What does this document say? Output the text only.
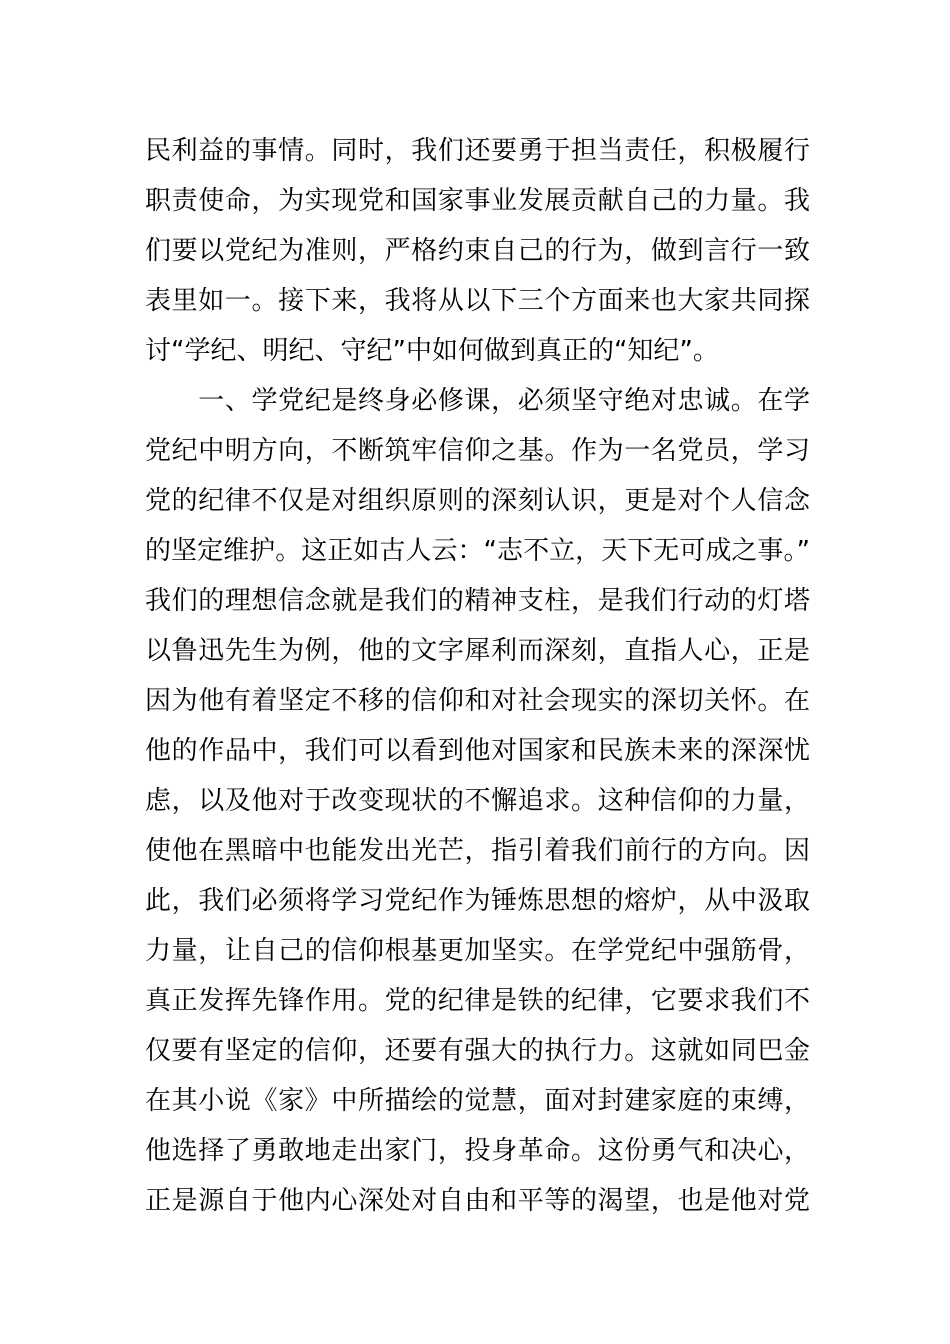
民利益的事情。同时，我们还要勇于担当责任，积极履行
职责使命，为实现党和国家事业发展贡献自己的力量。我
们要以党纪为准则，严格约束自己的行为，做到言行一致
表里如一。接下来，我将从以下三个方面来也大家共同探
讨“学纪、明纪、守纪”中如何做到真正的“知纪”。
　　一、学党纪是终身必修课，必须坚守绝对忠诚。在学
党纪中明方向，不断筑牢信仰之基。作为一名党员，学习
党的纪律不仅是对组织原则的深刻认识，更是对个人信念
的坚定维护。这正如古人云：“志不立，天下无可成之事。”
我们的理想信念就是我们的精神支柱，是我们行动的灯塔
以鲁迅先生为例，他的文字犀利而深刻，直指人心，正是
因为他有着坚定不移的信仰和对社会现实的深切关怀。在
他的作品中，我们可以看到他对国家和民族未来的深深忧
虑，以及他对于改变现状的不懈追求。这种信仰的力量，
使他在黑暗中也能发出光芒，指引着我们前行的方向。因
此，我们必须将学习党纪作为锤炼思想的熔炉，从中汲取
力量，让自己的信仰根基更加坚实。在学党纪中强筋骨，
真正发挥先锋作用。党的纪律是铁的纪律，它要求我们不
仅要有坚定的信仰，还要有强大的执行力。这就如同巴金
在其小说《家》中所描绘的觉慧，面对封建家庭的束缚，
他选择了勇敢地走出家门，投身革命。这份勇气和决心，
正是源自于他内心深处对自由和平等的渴望，也是他对党
